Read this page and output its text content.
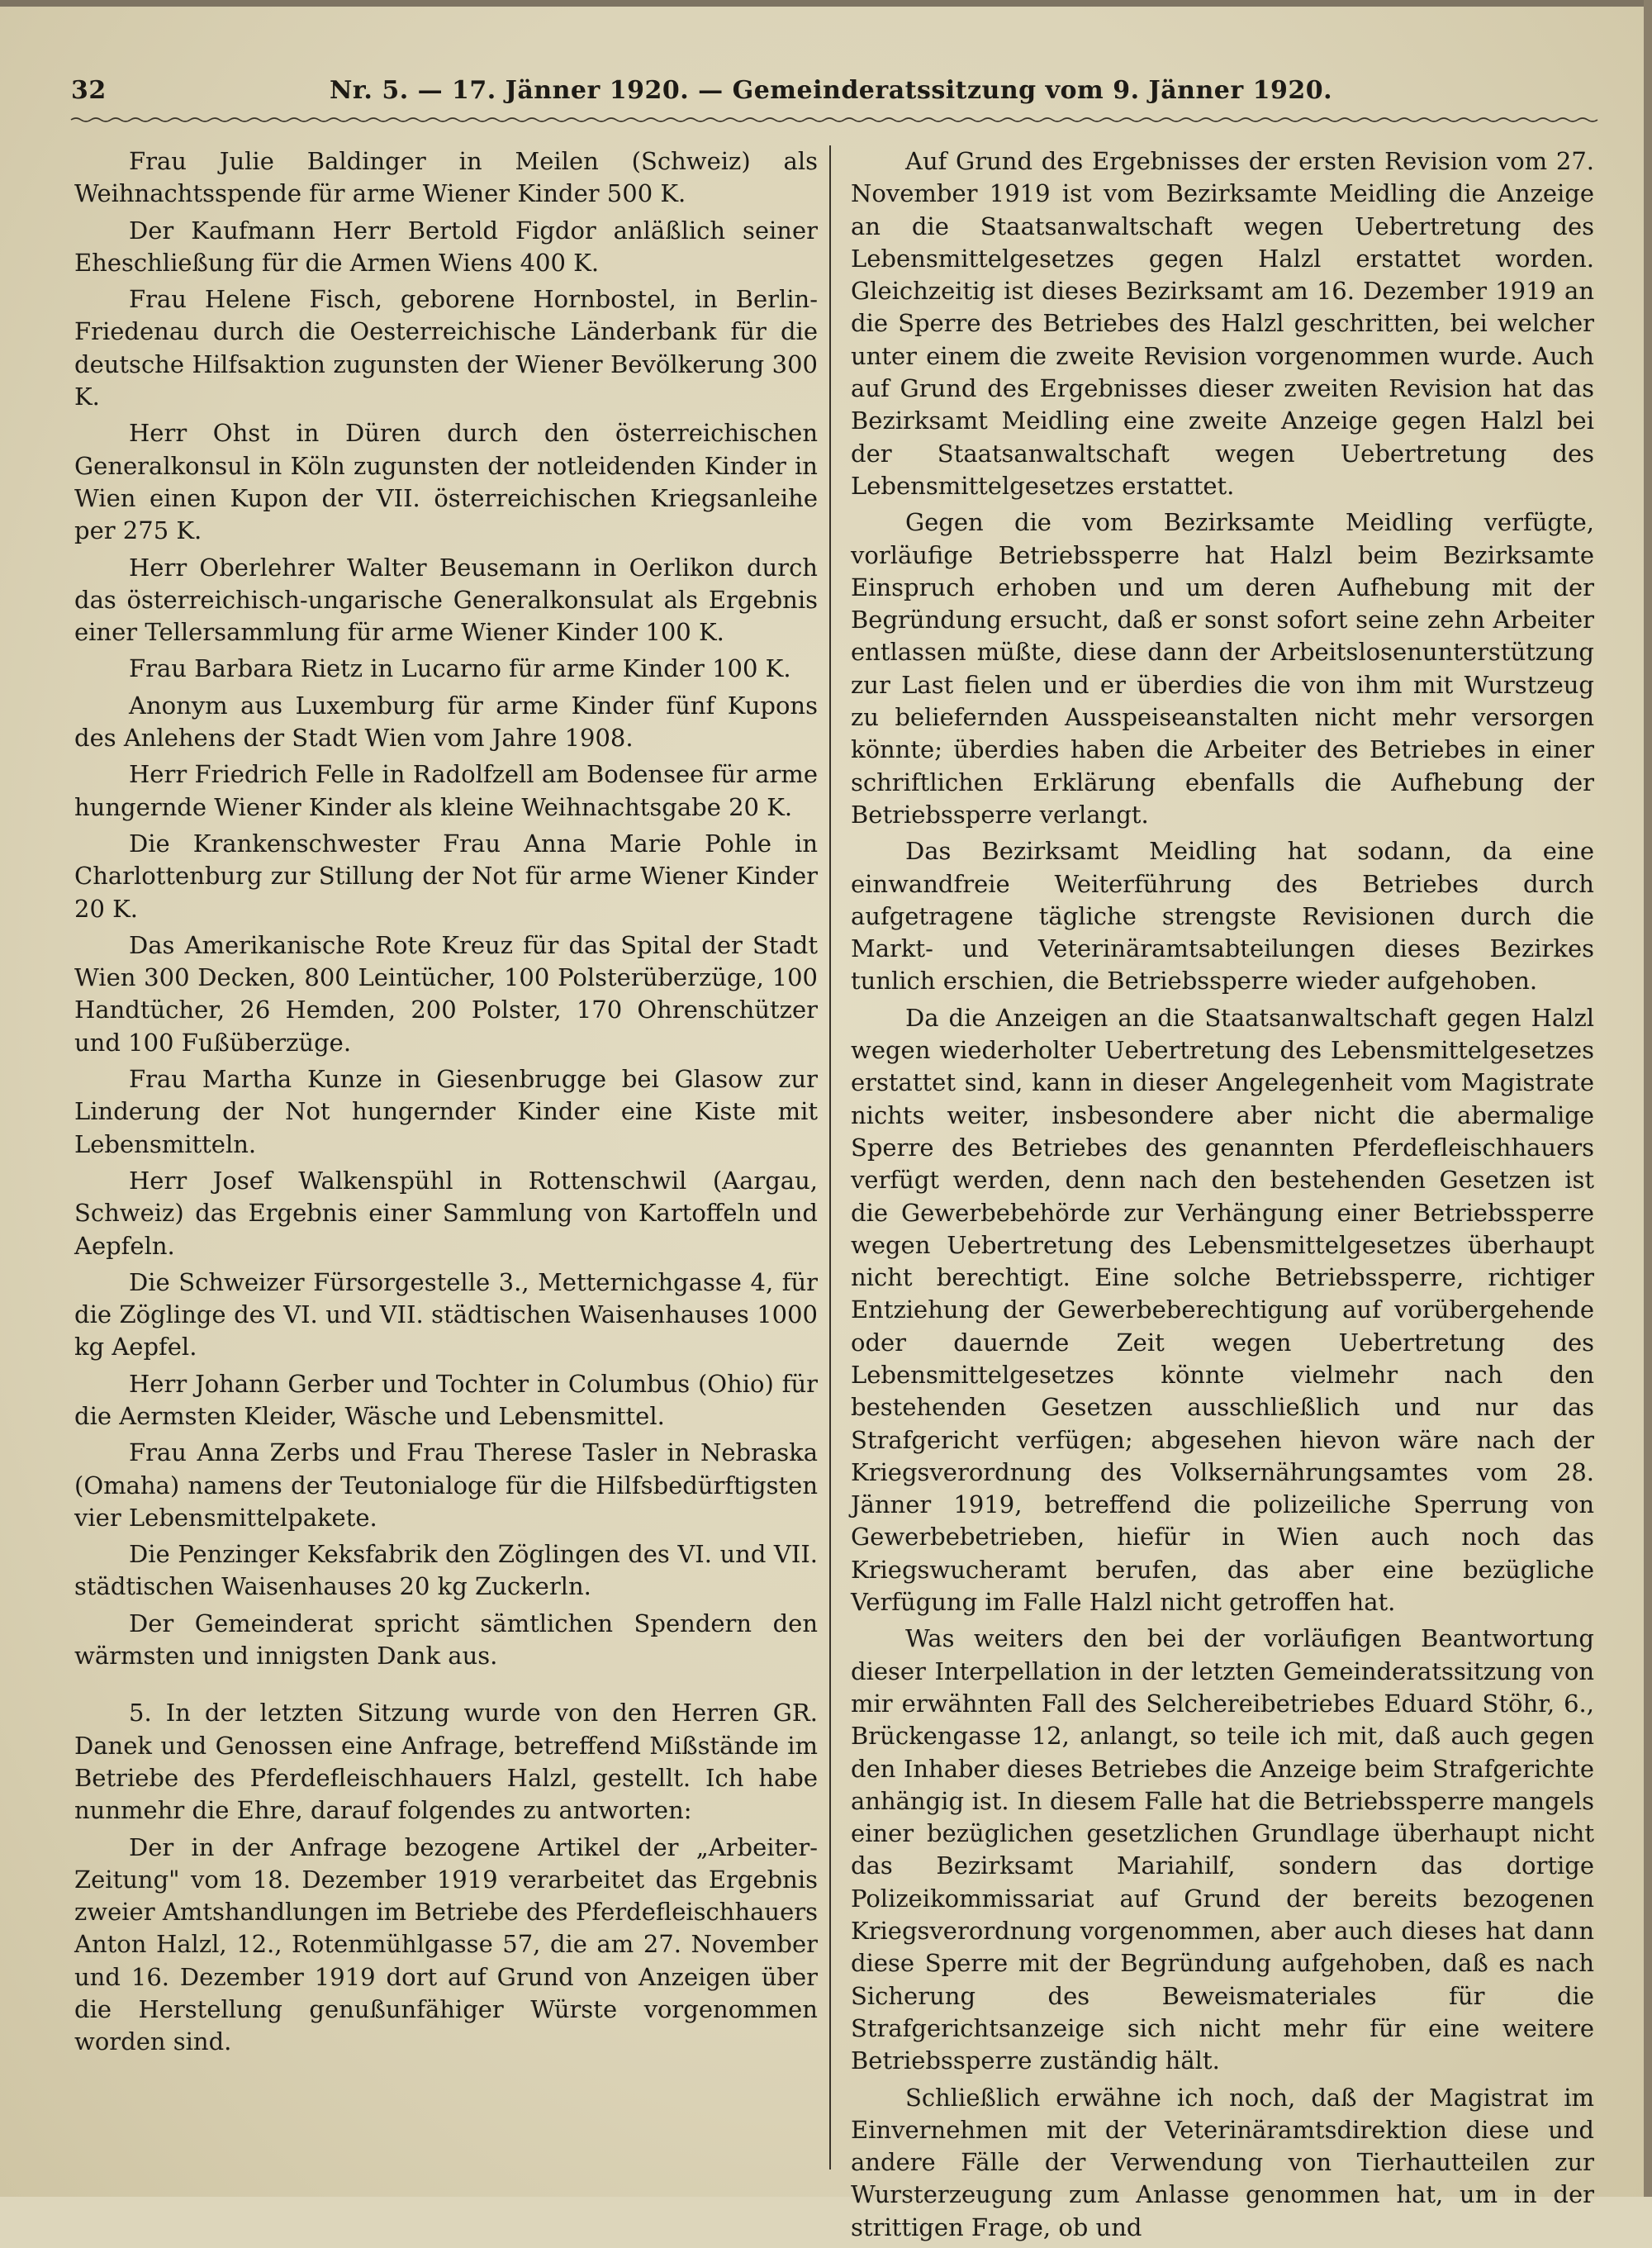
32	Nr. 5. — 17. Jänner 1920. — Gemeinderatssitzung vom 9. Jänner 1920.

Frau Julie Baldinger in Meilen (Schweiz) als Weihnachtsspende für arme Wiener Kinder 500 K.

Der Kaufmann Herr Bertold Figdor anläßlich seiner Eheschließung für die Armen Wiens 400 K.

Frau Helene Fisch, geborene Hornbostel, in Berlin-Friedenau durch die Oesterreichische Länderbank für die deutsche Hilfsaktion zugunsten der Wiener Bevölkerung 300 K.

Herr Ohst in Düren durch den österreichischen Generalkonsul in Köln zugunsten der notleidenden Kinder in Wien einen Kupon der VII. österreichischen Kriegsanleihe per 275 K.

Herr Oberlehrer Walter Beusemann in Oerlikon durch das österreichisch-ungarische Generalkonsulat als Ergebnis einer Tellersammlung für arme Wiener Kinder 100 K.

Frau Barbara Rietz in Lucarno für arme Kinder 100 K.

Anonym aus Luxemburg für arme Kinder fünf Kupons des Anlehens der Stadt Wien vom Jahre 1908.

Herr Friedrich Felle in Radolfzell am Bodensee für arme hungernde Wiener Kinder als kleine Weihnachtsgabe 20 K.

Die Krankenschwester Frau Anna Marie Pohle in Charlottenburg zur Stillung der Not für arme Wiener Kinder 20 K.

Das Amerikanische Rote Kreuz für das Spital der Stadt Wien 300 Decken, 800 Leintücher, 100 Polsterüberzüge, 100 Handtücher, 26 Hemden, 200 Polster, 170 Ohrenschützer und 100 Fußüberzüge.

Frau Martha Kunze in Giesenbrugge bei Glasow zur Linderung der Not hungernder Kinder eine Kiste mit Lebensmitteln.

Herr Josef Walkenspühl in Rottenschwil (Aargau, Schweiz) das Ergebnis einer Sammlung von Kartoffeln und Aepfeln.

Die Schweizer Fürsorgestelle 3., Metternichgasse 4, für die Zöglinge des VI. und VII. städtischen Waisenhauses 1000 kg Aepfel.

Herr Johann Gerber und Tochter in Columbus (Ohio) für die Aermsten Kleider, Wäsche und Lebensmittel.

Frau Anna Zerbs und Frau Therese Tasler in Nebraska (Omaha) namens der Teutonialoge für die Hilfsbedürftigsten vier Lebensmittelpakete.

Die Penzinger Keksfabrik den Zöglingen des VI. und VII. städtischen Waisenhauses 20 kg Zuckerln.

Der Gemeinderat spricht sämtlichen Spendern den wärmsten und innigsten Dank aus.

5. In der letzten Sitzung wurde von den Herren GR. Danek und Genossen eine Anfrage, betreffend Mißstände im Betriebe des Pferdefleischhauers Halzl, gestellt. Ich habe nunmehr die Ehre, darauf folgendes zu antworten:

Der in der Anfrage bezogene Artikel der „Arbeiter-Zeitung" vom 18. Dezember 1919 verarbeitet das Ergebnis zweier Amtshandlungen im Betriebe des Pferdefleischhauers Anton Halzl, 12., Rotenmühlgasse 57, die am 27. November und 16. Dezember 1919 dort auf Grund von Anzeigen über die Herstellung genußunfähiger Würste vorgenommen worden sind.

Auf Grund des Ergebnisses der ersten Revision vom 27. November 1919 ist vom Bezirksamte Meidling die Anzeige an die Staatsanwaltschaft wegen Uebertretung des Lebensmittelgesetzes gegen Halzl erstattet worden. Gleichzeitig ist dieses Bezirksamt am 16. Dezember 1919 an die Sperre des Betriebes des Halzl geschritten, bei welcher unter einem die zweite Revision vorgenommen wurde. Auch auf Grund des Ergebnisses dieser zweiten Revision hat das Bezirksamt Meidling eine zweite Anzeige gegen Halzl bei der Staatsanwaltschaft wegen Uebertretung des Lebensmittelgesetzes erstattet.

Gegen die vom Bezirksamte Meidling verfügte, vorläufige Betriebssperre hat Halzl beim Bezirksamte Einspruch erhoben und um deren Aufhebung mit der Begründung ersucht, daß er sonst sofort seine zehn Arbeiter entlassen müßte, diese dann der Arbeitslosenunterstützung zur Last fielen und er überdies die von ihm mit Wurstzeug zu beliefernden Ausspeiseanstalten nicht mehr versorgen könnte; überdies haben die Arbeiter des Betriebes in einer schriftlichen Erklärung ebenfalls die Aufhebung der Betriebssperre verlangt.

Das Bezirksamt Meidling hat sodann, da eine einwandfreie Weiterführung des Betriebes durch aufgetragene tägliche strengste Revisionen durch die Markt- und Veterinäramtsabteilungen dieses Bezirkes tunlich erschien, die Betriebssperre wieder aufgehoben.

Da die Anzeigen an die Staatsanwaltschaft gegen Halzl wegen wiederholter Uebertretung des Lebensmittelgesetzes erstattet sind, kann in dieser Angelegenheit vom Magistrate nichts weiter, insbesondere aber nicht die abermalige Sperre des Betriebes des genannten Pferdefleischhauers verfügt werden, denn nach den bestehenden Gesetzen ist die Gewerbebehörde zur Verhängung einer Betriebssperre wegen Uebertretung des Lebensmittelgesetzes überhaupt nicht berechtigt. Eine solche Betriebssperre, richtiger Entziehung der Gewerbeberechtigung auf vorübergehende oder dauernde Zeit wegen Uebertretung des Lebensmittelgesetzes könnte vielmehr nach den bestehenden Gesetzen ausschließlich und nur das Strafgericht verfügen; abgesehen hievon wäre nach der Kriegsverordnung des Volksernährungsamtes vom 28. Jänner 1919, betreffend die polizeiliche Sperrung von Gewerbebetrieben, hiefür in Wien auch noch das Kriegswucheramt berufen, das aber eine bezügliche Verfügung im Falle Halzl nicht getroffen hat.

Was weiters den bei der vorläufigen Beantwortung dieser Interpellation in der letzten Gemeinderatssitzung von mir erwähnten Fall des Selchereibetriebes Eduard Stöhr, 6., Brückengasse 12, anlangt, so teile ich mit, daß auch gegen den Inhaber dieses Betriebes die Anzeige beim Strafgerichte anhängig ist. In diesem Falle hat die Betriebssperre mangels einer bezüglichen gesetzlichen Grundlage überhaupt nicht das Bezirksamt Mariahilf, sondern das dortige Polizeikommissariat auf Grund der bereits bezogenen Kriegsverordnung vorgenommen, aber auch dieses hat dann diese Sperre mit der Begründung aufgehoben, daß es nach Sicherung des Beweismateriales für die Strafgerichtsanzeige sich nicht mehr für eine weitere Betriebssperre zuständig hält.

Schließlich erwähne ich noch, daß der Magistrat im Einvernehmen mit der Veterinäramtsdirektion diese und andere Fälle der Verwendung von Tierhautteilen zur Wursterzeugung zum Anlasse genommen hat, um in der strittigen Frage, ob und
